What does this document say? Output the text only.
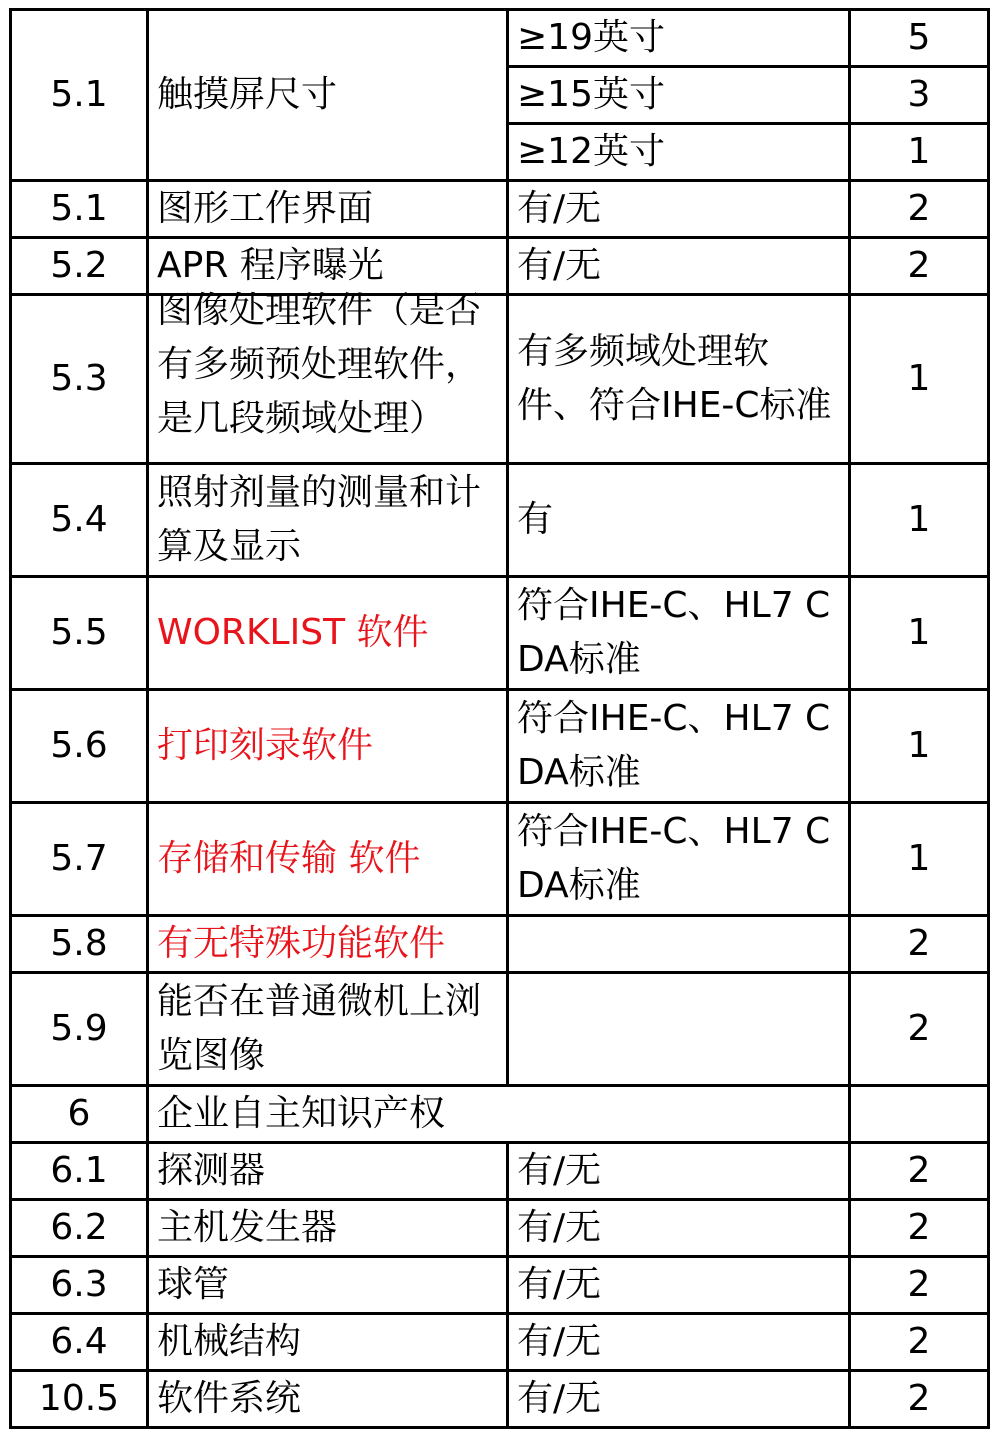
5.1	触摸屏尺寸	≥19英寸	5
		≥15英寸	3
		≥12英寸	1
5.1	图形工作界面	有/无	2
5.2	APR 程序曝光	有/无	2
5.3	图像处理软件（是否有多频预处理软件，是几段频域处理）	有多频域处理软件、符合IHE-C标准	1
5.4	照射剂量的测量和计算及显示	有	1
5.5	WORKLIST 软件	符合IHE-C、HL7 CDA标准	1
5.6	打印刻录软件	符合IHE-C、HL7 CDA标准	1
5.7	存储和传输 软件	符合IHE-C、HL7 CDA标准	1
5.8	有无特殊功能软件		2
5.9	能否在普通微机上浏览图像		2
6	企业自主知识产权		
6.1	探测器	有/无	2
6.2	主机发生器	有/无	2
6.3	球管	有/无	2
6.4	机械结构	有/无	2
10.5	软件系统	有/无	2
